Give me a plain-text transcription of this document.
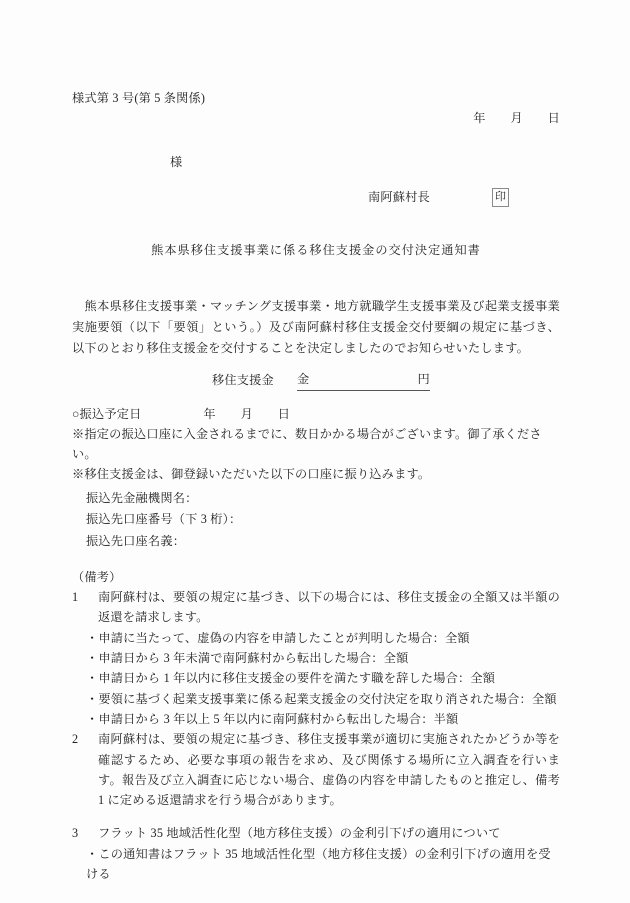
様式第 3 号(第 5 条関係)
年　　月　　日
様
南阿蘇村長	印
熊本県移住支援事業に係る移住支援金の交付決定通知書
　熊本県移住支援事業・マッチング支援事業・地方就職学生支援事業及び起業支援事業実施要領（以下「要領」という。）及び南阿蘇村移住支援金交付要綱の規定に基づき、以下のとおり移住支援金を交付することを決定しましたのでお知らせいたします。
移住支援金 金	円
○振込予定日　　　　　年　　月　　日
※指定の振込口座に入金されるまでに、数日かかる場合がございます。御了承ください。
※移住支援金は、御登録いただいた以下の口座に振り込みます。
振込先金融機関名：
振込先口座番号（下 3 桁）：
振込先口座名義：
（備考）
1	南阿蘇村は、要領の規定に基づき、以下の場合には、移住支援金の全額又は半額の返還を請求します。
・申請に当たって、虚偽の内容を申請したことが判明した場合：全額
・申請日から 3 年未満で南阿蘇村から転出した場合：全額
・申請日から 1 年以内に移住支援金の要件を満たす職を辞した場合：全額
・要領に基づく起業支援事業に係る起業支援金の交付決定を取り消された場合：全額
・申請日から 3 年以上 5 年以内に南阿蘇村から転出した場合：半額
2	南阿蘇村は、要領の規定に基づき、移住支援事業が適切に実施されたかどうか等を確認するため、必要な事項の報告を求め、及び関係する場所に立入調査を行います。報告及び立入調査に応じない場合、虚偽の内容を申請したものと推定し、備考 1 に定める返還請求を行う場合があります。
3	フラット 35 地域活性化型（地方移住支援）の金利引下げの適用について
・この通知書はフラット 35 地域活性化型（地方移住支援）の金利引下げの適用を受ける
